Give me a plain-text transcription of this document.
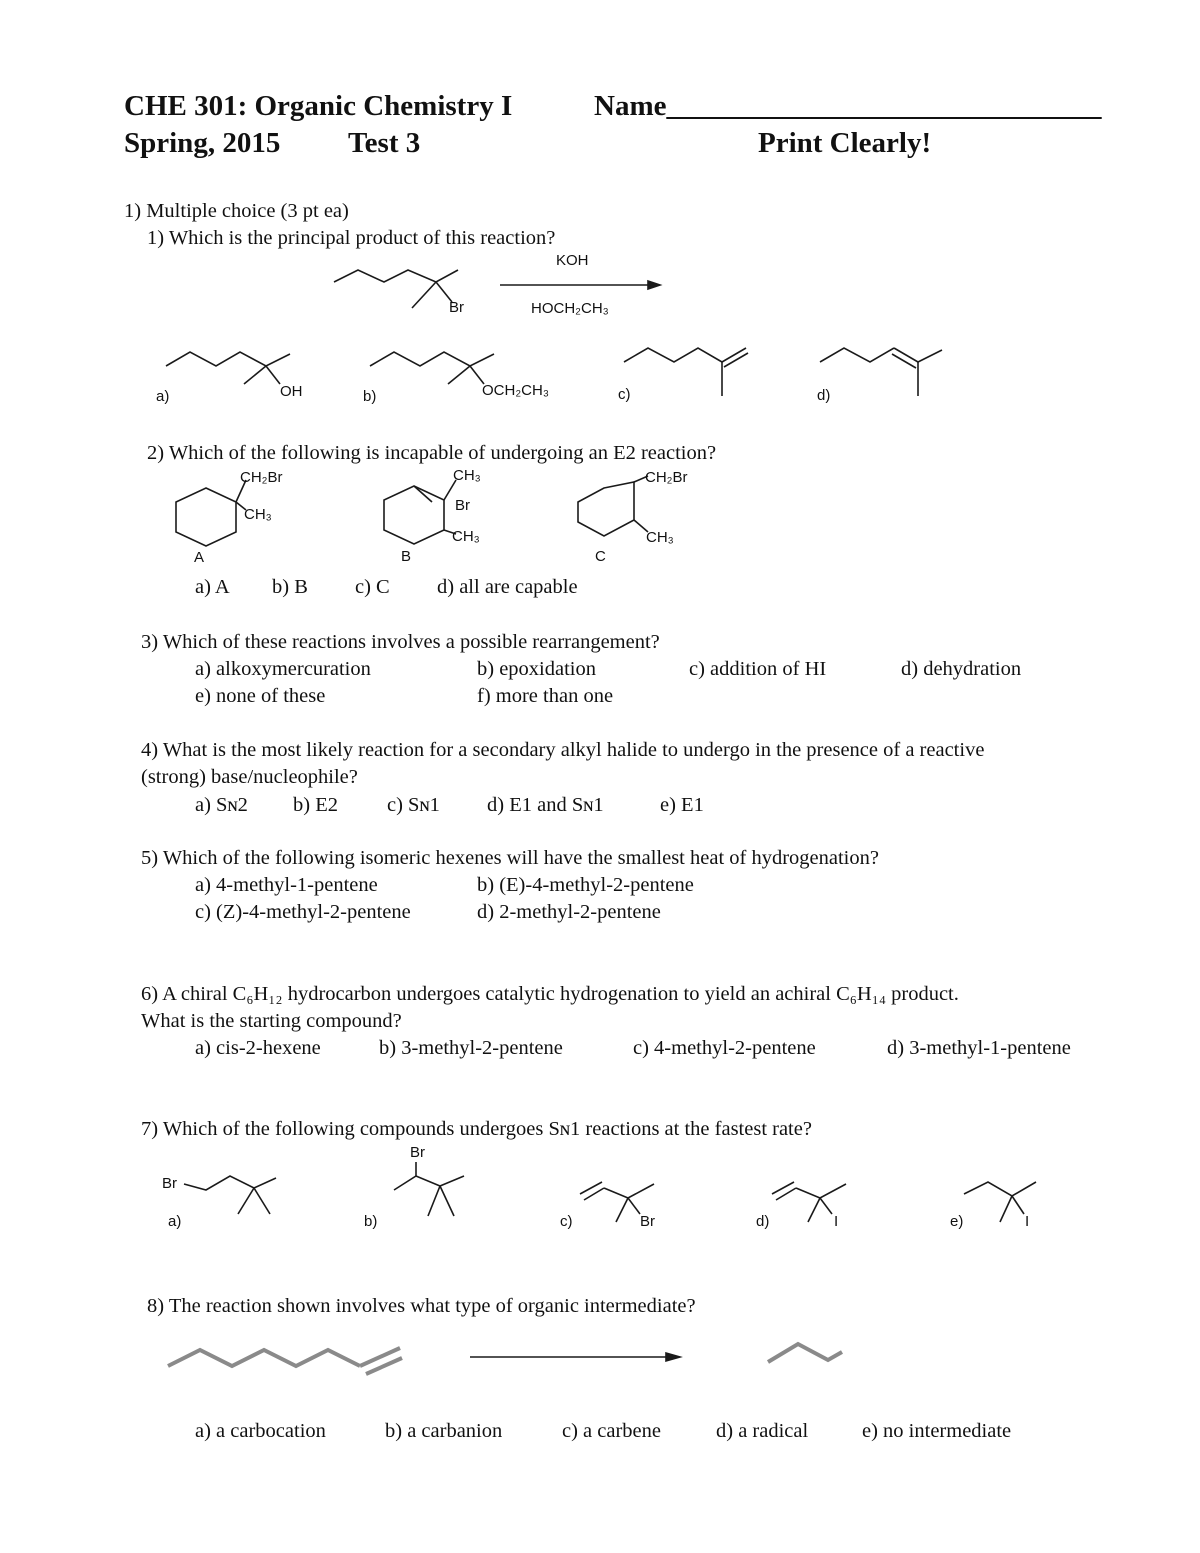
CHE 301: Organic Chemistry I	Name______________________________
Spring, 2015 Test 3	Print Clearly!
1) Multiple choice (3 pt ea)
1) Which is the principal product of this reaction?
Br
KOH
HOCH₂CH₃
a)	OH	b)	OCH₂CH₃	c)	d)
2) Which of the following is incapable of undergoing an E2 reaction?
CH₂Br
CH₃
A
CH₃
Br
CH₃
B
CH₂Br
CH₃
C
a) A b) B c) C d) all are capable
3) Which of these reactions involves a possible rearrangement?
a) alkoxymercuration	b) epoxidation	c) addition of HI	d) dehydration
e) none of these	f) more than one
4) What is the most likely reaction for a secondary alkyl halide to undergo in the presence of a reactive
(strong) base/nucleophile?
a) Sɴ2 b) E2 c) Sɴ1 d) E1 and Sɴ1	e) E1
5) Which of the following isomeric hexenes will have the smallest heat of hydrogenation?
a) 4-methyl-1-pentene	b) (E)-4-methyl-2-pentene
c) (Z)-4-methyl-2-pentene	d) 2-methyl-2-pentene
6) A chiral C₆H₁₂ hydrocarbon undergoes catalytic hydrogenation to yield an achiral C₆H₁₄ product.
What is the starting compound?
a) cis-2-hexene	b) 3-methyl-2-pentene	c) 4-methyl-2-pentene	d) 3-methyl-1-pentene
7) Which of the following compounds undergoes Sɴ1 reactions at the fastest rate?
Br
a)
Br
b)	Br
c)	I
d)	I
e)
8) The reaction shown involves what type of organic intermediate?
a) a carbocation	b) a carbanion	c) a carbene	d) a radical	e) no intermediate
